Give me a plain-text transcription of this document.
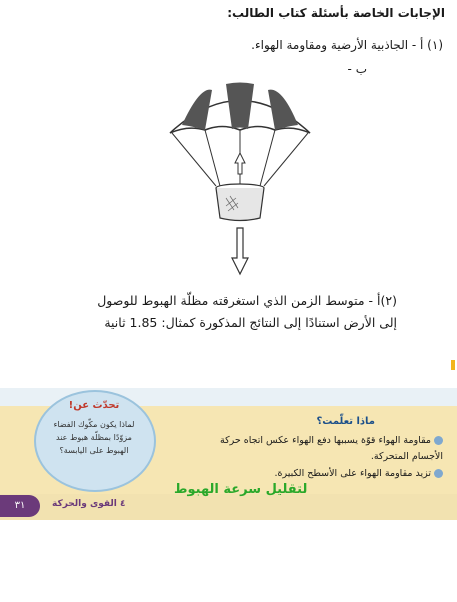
الإجابات الخاصة بأسئلة كتاب الطالب:
(١) أ - الجاذبية الأرضية ومقاومة الهواء.
ب -
(٢)أ - متوسط الزمن الذي استغرقته مظلّة الهبوط للوصول
إلى الأرض استنادًا إلى النتائج المذكورة كمثال: 1.85 ثانية
ماذا تعلّمت؟
مقاومة الهواء قوّة يسببها دفع الهواء عكس اتجاه حركة الأجسام المتحركة.
تزيد مقاومة الهواء على الأسطح الكبيرة.
تحدّث عن!
لماذا يكون مكّوك الفضاء مزوّدًا بمظلّة هبوط عند الهبوط على اليابسة؟
لتقليل سرعة الهبوط
٣١	٤ القوى والحركة
